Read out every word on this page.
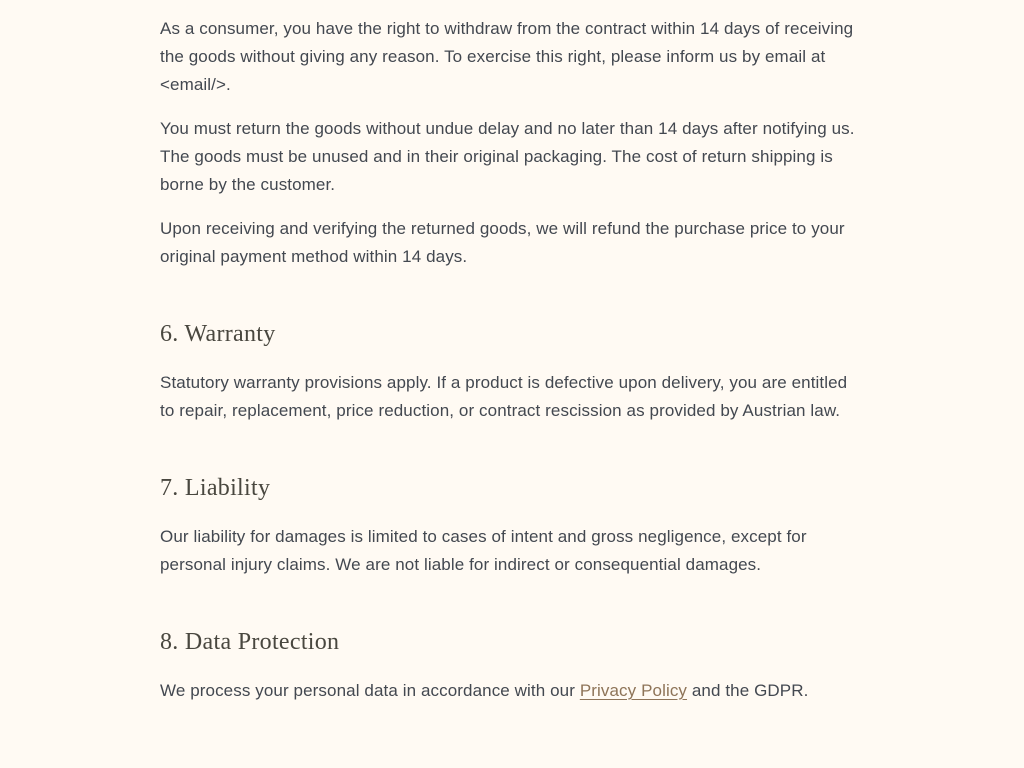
As a consumer, you have the right to withdraw from the contract within 14 days of receiving the goods without giving any reason. To exercise this right, please inform us by email at <email/>.

You must return the goods without undue delay and no later than 14 days after notifying us. The goods must be unused and in their original packaging. The cost of return shipping is borne by the customer.

Upon receiving and verifying the returned goods, we will refund the purchase price to your original payment method within 14 days.

6. Warranty

Statutory warranty provisions apply. If a product is defective upon delivery, you are entitled to repair, replacement, price reduction, or contract rescission as provided by Austrian law.

7. Liability

Our liability for damages is limited to cases of intent and gross negligence, except for personal injury claims. We are not liable for indirect or consequential damages.

8. Data Protection

We process your personal data in accordance with our Privacy Policy and the GDPR.
